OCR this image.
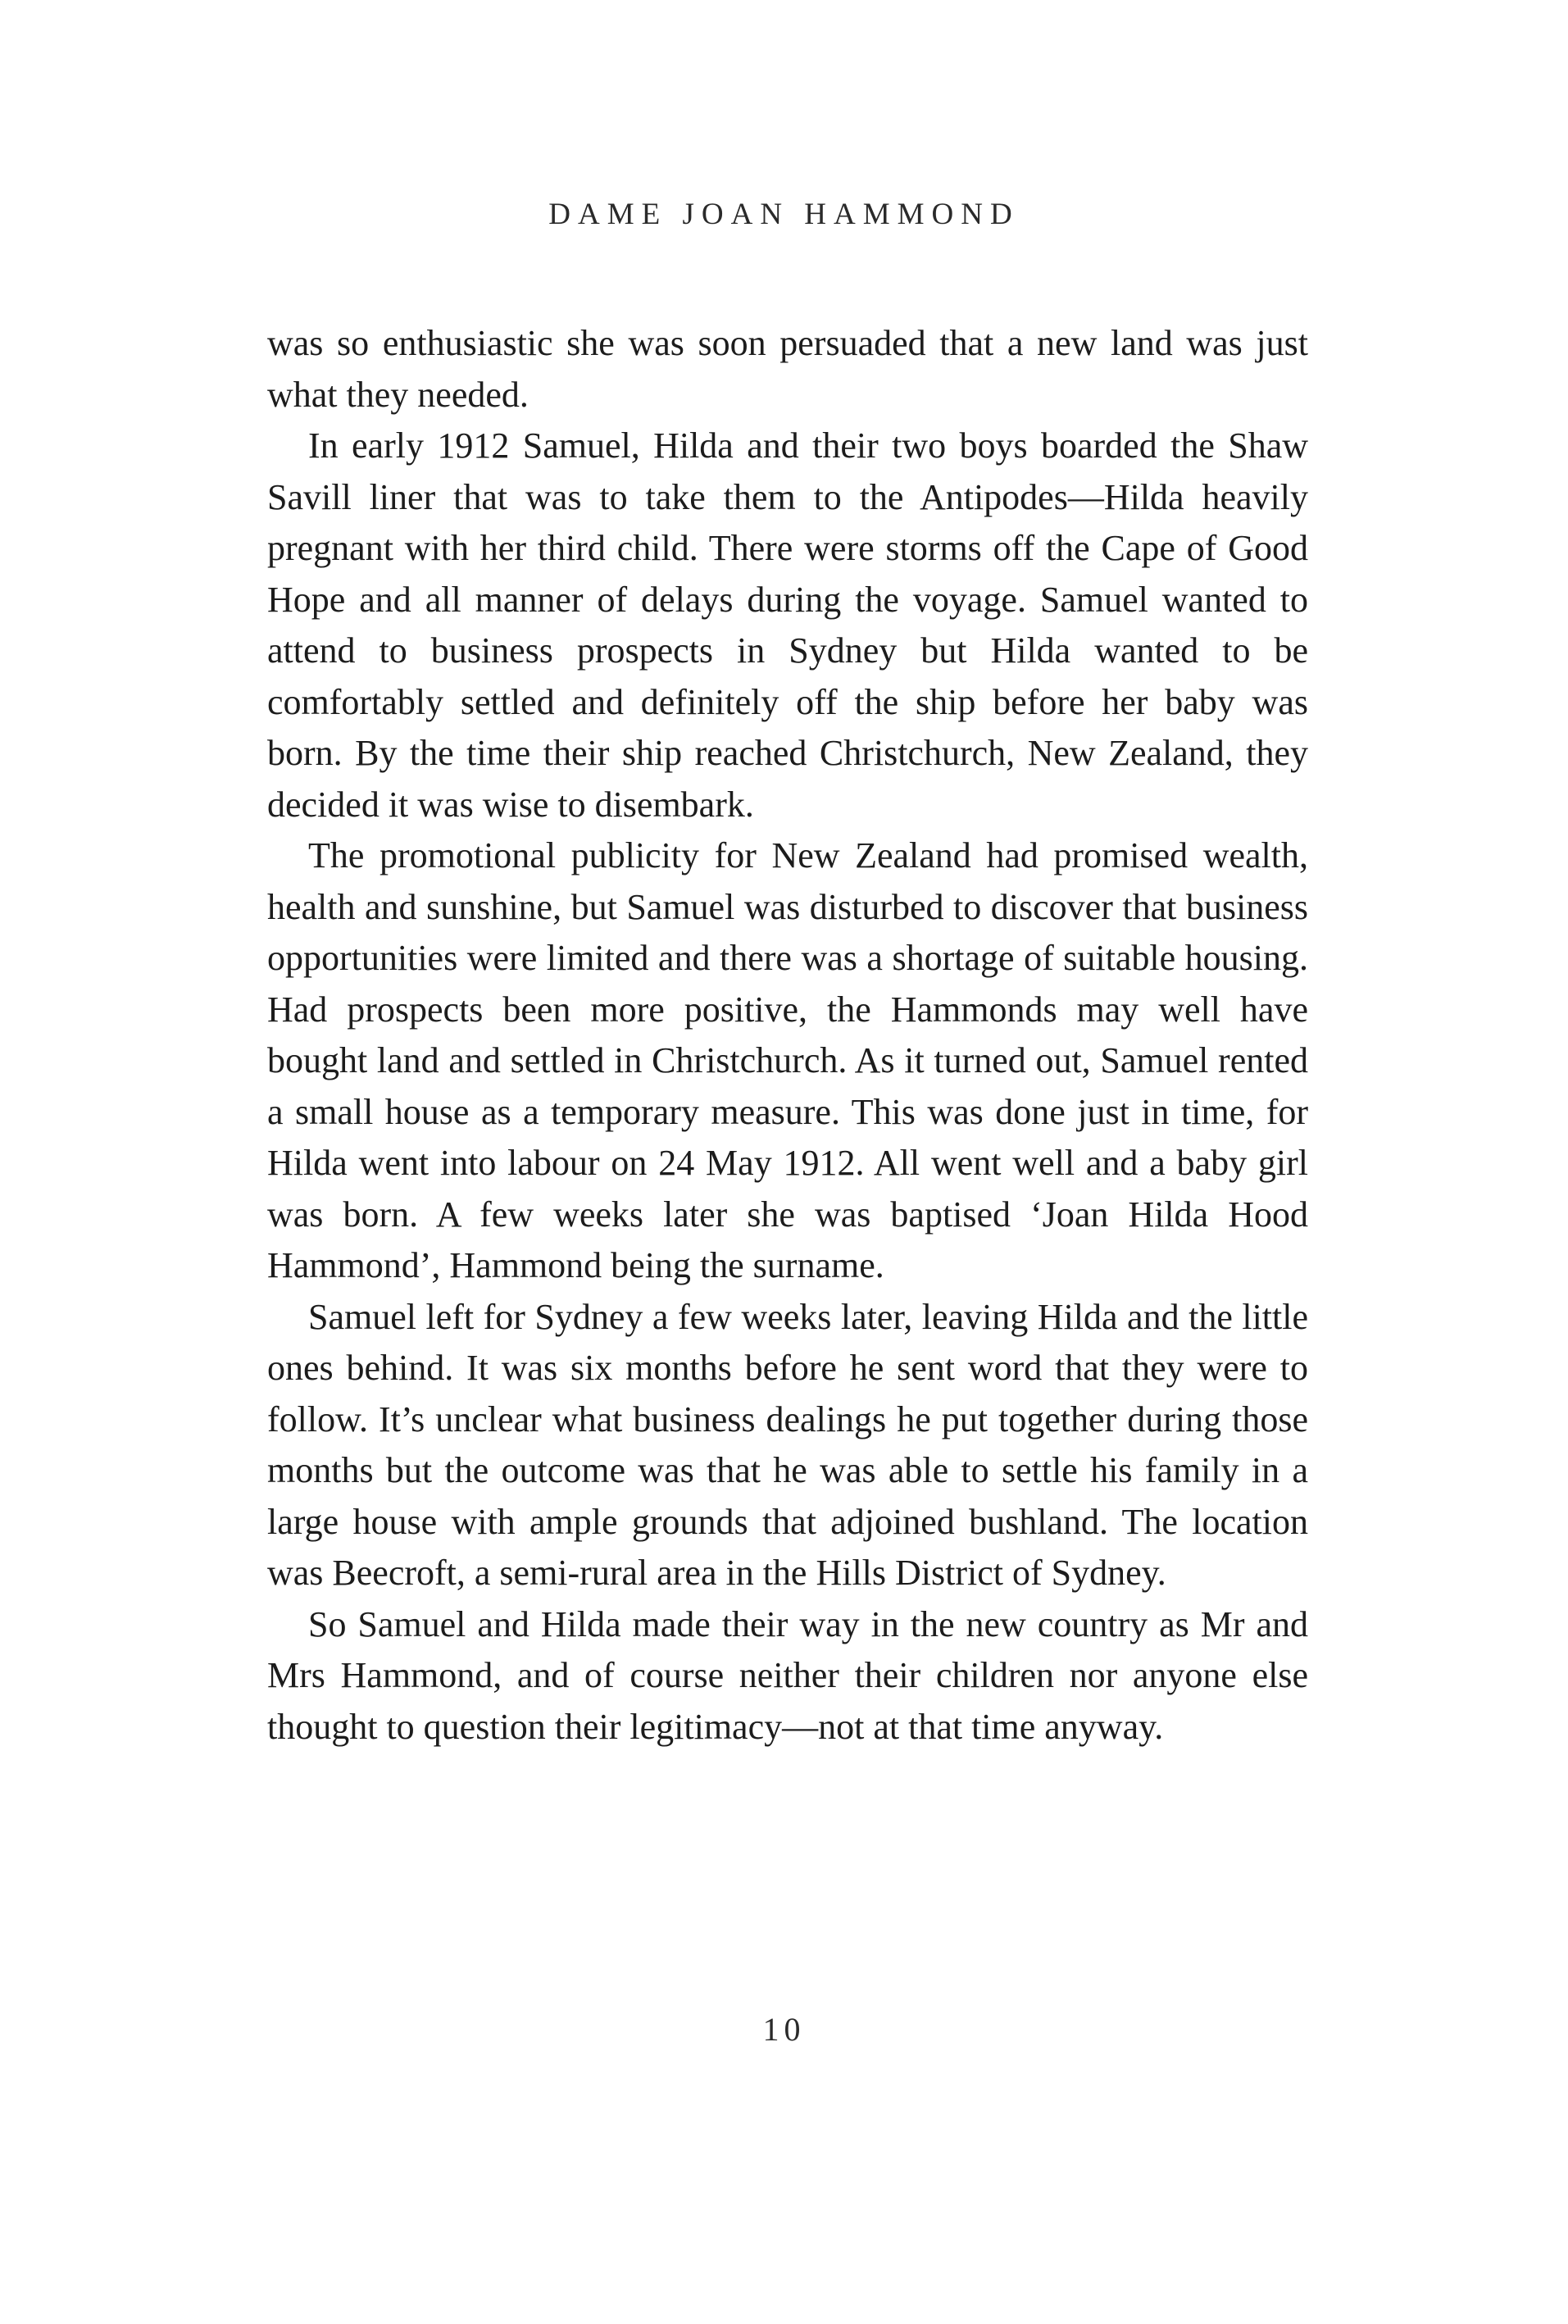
DAME JOAN HAMMOND

was so enthusiastic she was soon persuaded that a new land was just what they needed.

In early 1912 Samuel, Hilda and their two boys boarded the Shaw Savill liner that was to take them to the Antipodes—Hilda heavily pregnant with her third child. There were storms off the Cape of Good Hope and all manner of delays during the voyage. Samuel wanted to attend to business prospects in Sydney but Hilda wanted to be comfortably settled and definitely off the ship before her baby was born. By the time their ship reached Christchurch, New Zealand, they decided it was wise to disembark.

The promotional publicity for New Zealand had promised wealth, health and sunshine, but Samuel was disturbed to discover that business opportunities were limited and there was a shortage of suitable housing. Had prospects been more positive, the Hammonds may well have bought land and settled in Christchurch. As it turned out, Samuel rented a small house as a temporary measure. This was done just in time, for Hilda went into labour on 24 May 1912. All went well and a baby girl was born. A few weeks later she was baptised ‘Joan Hilda Hood Hammond’, Hammond being the surname.

Samuel left for Sydney a few weeks later, leaving Hilda and the little ones behind. It was six months before he sent word that they were to follow. It’s unclear what business dealings he put together during those months but the outcome was that he was able to settle his family in a large house with ample grounds that adjoined bushland. The location was Beecroft, a semi-rural area in the Hills District of Sydney.

So Samuel and Hilda made their way in the new country as Mr and Mrs Hammond, and of course neither their children nor anyone else thought to question their legitimacy—not at that time anyway.

10
